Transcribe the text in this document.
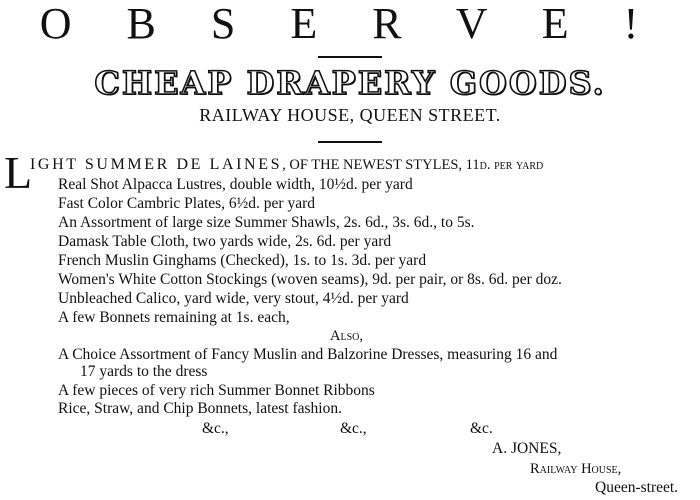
O B S E R V E !
CHEAP DRAPERY GOODS.
RAILWAY HOUSE, QUEEN STREET.
L
IGHT SUMMER DE LAINES, OF THE NEWEST STYLES, 11d. per yard
Real Shot Alpacca Lustres, double width, 10½d. per yard
Fast Color Cambric Plates, 6½d. per yard
An Assortment of large size Summer Shawls, 2s. 6d., 3s. 6d., to 5s.
Damask Table Cloth, two yards wide, 2s. 6d. per yard
French Muslin Ginghams (Checked), 1s. to 1s. 3d. per yard
Women's White Cotton Stockings (woven seams), 9d. per pair, or 8s. 6d. per doz.
Unbleached Calico, yard wide, very stout, 4½d. per yard
A few Bonnets remaining at 1s. each,
Also,
A Choice Assortment of Fancy Muslin and Balzorine Dresses, measuring 16 and
17 yards to the dress
A few pieces of very rich Summer Bonnet Ribbons
Rice, Straw, and Chip Bonnets, latest fashion.
&c.,	&c.,	&c.
A. JONES,
Railway House,
Queen-street.
